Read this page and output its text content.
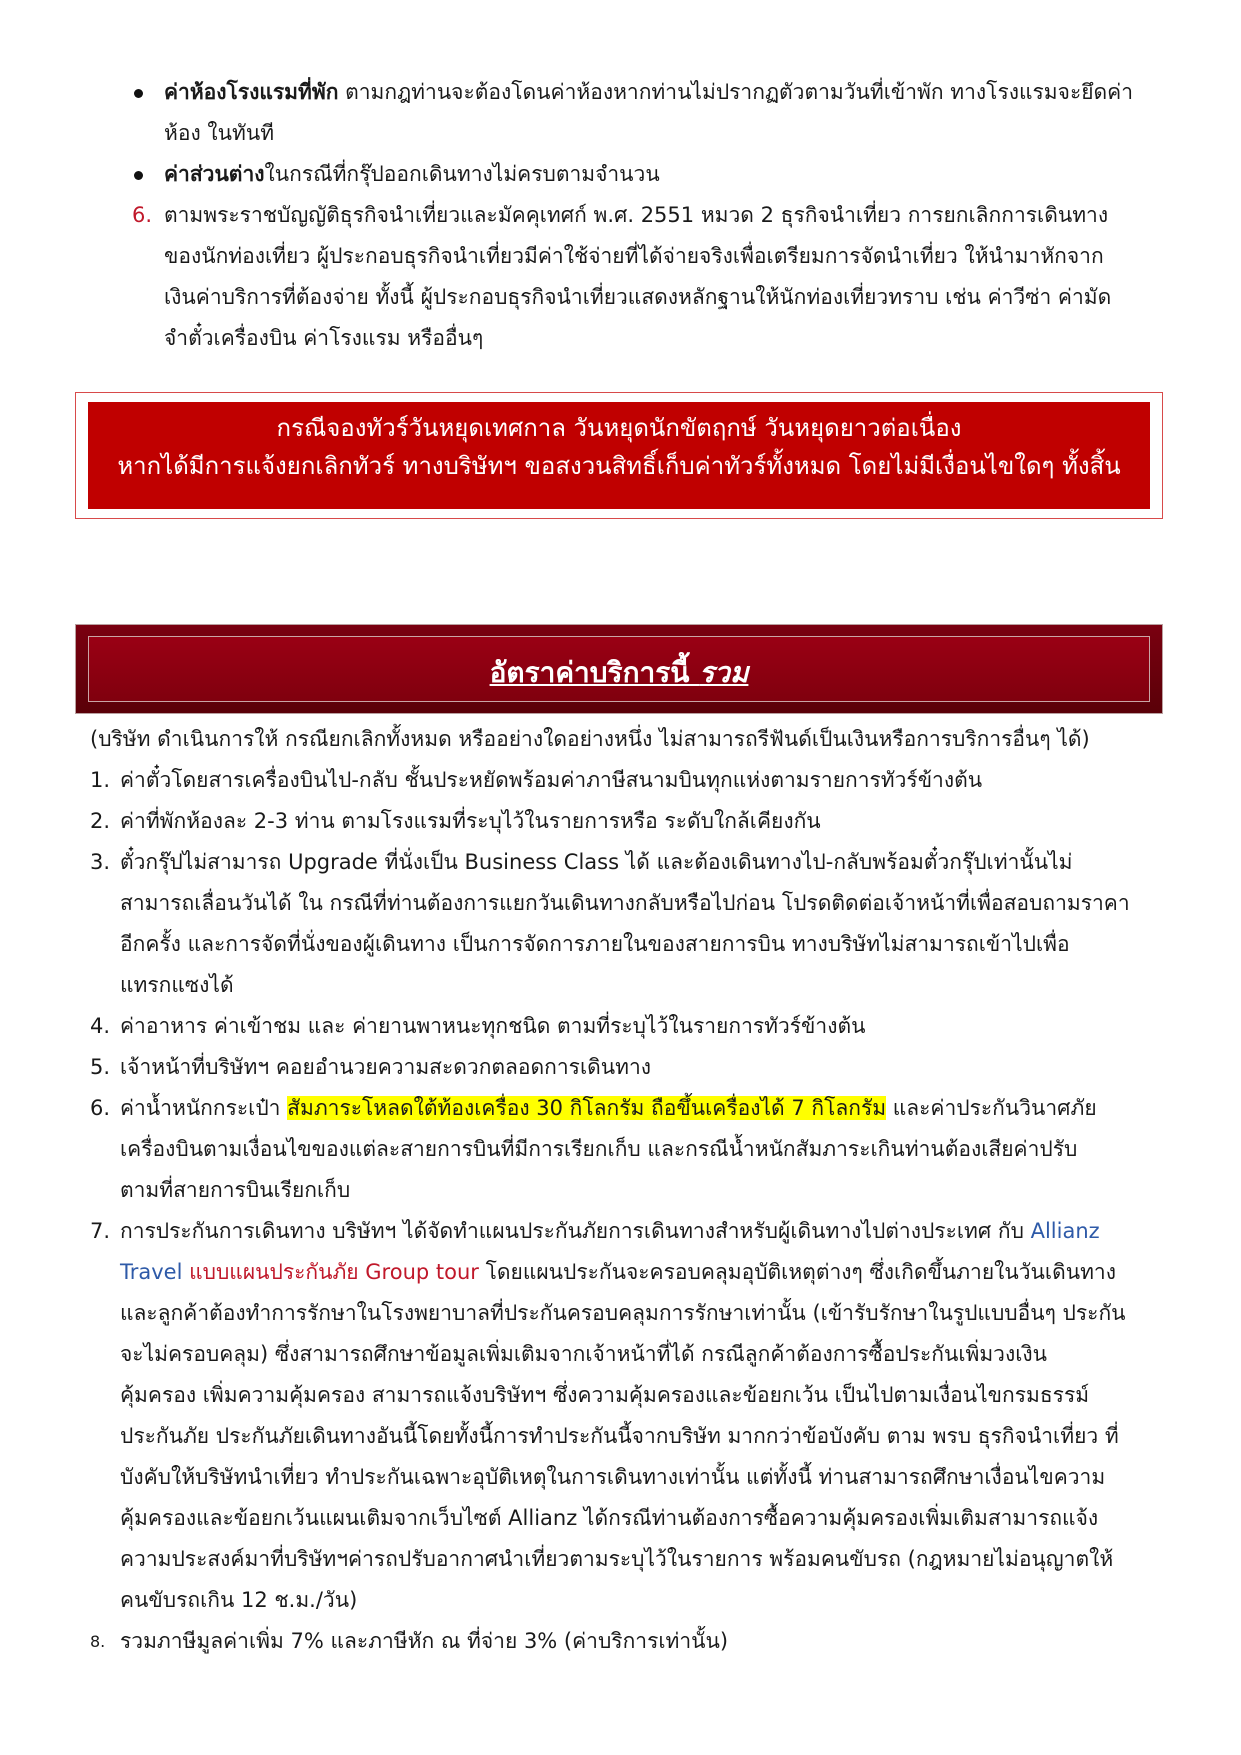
ค่าห้องโรงแรมที่พัก ตามกฎท่านจะต้องโดนค่าห้องหากท่านไม่ปรากฏตัวตามวันที่เข้าพัก ทางโรงแรมจะยึดค่า
ห้อง ในทันที
ค่าส่วนต่างในกรณีที่กรุ๊ปออกเดินทางไม่ครบตามจำนวน
6. ตามพระราชบัญญัติธุรกิจนำเที่ยวและมัคคุเทศก์ พ.ศ. 2551 หมวด 2 ธุรกิจนำเที่ยว การยกเลิกการเดินทาง
ของนักท่องเที่ยว ผู้ประกอบธุรกิจนำเที่ยวมีค่าใช้จ่ายที่ได้จ่ายจริงเพื่อเตรียมการจัดนำเที่ยว ให้นำมาหักจาก
เงินค่าบริการที่ต้องจ่าย ทั้งนี้ ผู้ประกอบธุรกิจนำเที่ยวแสดงหลักฐานให้นักท่องเที่ยวทราบ เช่น ค่าวีซ่า ค่ามัด
จำตั๋วเครื่องบิน ค่าโรงแรม หรืออื่นๆ
กรณีจองทัวร์วันหยุดเทศกาล วันหยุดนักขัตฤกษ์ วันหยุดยาวต่อเนื่อง
หากได้มีการแจ้งยกเลิกทัวร์ ทางบริษัทฯ ขอสงวนสิทธิ์เก็บค่าทัวร์ทั้งหมด โดยไม่มีเงื่อนไขใดๆ ทั้งสิ้น
อัตราค่าบริการนี้ รวม
(บริษัท ดำเนินการให้ กรณียกเลิกทั้งหมด หรืออย่างใดอย่างหนึ่ง ไม่สามารถรีฟันด์เป็นเงินหรือการบริการอื่นๆ ได้)
1. ค่าตั๋วโดยสารเครื่องบินไป-กลับ ชั้นประหยัดพร้อมค่าภาษีสนามบินทุกแห่งตามรายการทัวร์ข้างต้น
2. ค่าที่พักห้องละ 2-3 ท่าน ตามโรงแรมที่ระบุไว้ในรายการหรือ ระดับใกล้เคียงกัน
3. ตั๋วกรุ๊ปไม่สามารถ Upgrade ที่นั่งเป็น Business Class ได้ และต้องเดินทางไป-กลับพร้อมตั๋วกรุ๊ปเท่านั้นไม่
สามารถเลื่อนวันได้ ใน กรณีที่ท่านต้องการแยกวันเดินทางกลับหรือไปก่อน โปรดติดต่อเจ้าหน้าที่เพื่อสอบถามราคา
อีกครั้ง และการจัดที่นั่งของผู้เดินทาง เป็นการจัดการภายในของสายการบิน ทางบริษัทไม่สามารถเข้าไปเพื่อ
แทรกแซงได้
4. ค่าอาหาร ค่าเข้าชม และ ค่ายานพาหนะทุกชนิด ตามที่ระบุไว้ในรายการทัวร์ข้างต้น
5. เจ้าหน้าที่บริษัทฯ คอยอำนวยความสะดวกตลอดการเดินทาง
6. ค่าน้ำหนักกระเป๋า สัมภาระโหลดใต้ท้องเครื่อง 30 กิโลกรัม ถือขึ้นเครื่องได้ 7 กิโลกรัม และค่าประกันวินาศภัย
เครื่องบินตามเงื่อนไขของแต่ละสายการบินที่มีการเรียกเก็บ และกรณีน้ำหนักสัมภาระเกินท่านต้องเสียค่าปรับ
ตามที่สายการบินเรียกเก็บ
7. การประกันการเดินทาง บริษัทฯ ได้จัดทำแผนประกันภัยการเดินทางสำหรับผู้เดินทางไปต่างประเทศ กับ Allianz
Travel แบบแผนประกันภัย Group tour โดยแผนประกันจะครอบคลุมอุบัติเหตุต่างๆ ซึ่งเกิดขึ้นภายในวันเดินทาง
และลูกค้าต้องทำการรักษาในโรงพยาบาลที่ประกันครอบคลุมการรักษาเท่านั้น (เข้ารับรักษาในรูปแบบอื่นๆ ประกัน
จะไม่ครอบคลุม) ซึ่งสามารถศึกษาข้อมูลเพิ่มเติมจากเจ้าหน้าที่ได้ กรณีลูกค้าต้องการซื้อประกันเพิ่มวงเงิน
คุ้มครอง เพิ่มความคุ้มครอง สามารถแจ้งบริษัทฯ ซึ่งความคุ้มครองและข้อยกเว้น เป็นไปตามเงื่อนไขกรมธรรม์
ประกันภัย ประกันภัยเดินทางอันนี้โดยทั้งนี้การทำประกันนี้จากบริษัท มากกว่าข้อบังคับ ตาม พรบ ธุรกิจนำเที่ยว ที่
บังคับให้บริษัทนำเที่ยว ทำประกันเฉพาะอุบัติเหตุในการเดินทางเท่านั้น แต่ทั้งนี้ ท่านสามารถศึกษาเงื่อนไขความ
คุ้มครองและข้อยกเว้นแผนเติมจากเว็บไซต์ Allianz ได้กรณีท่านต้องการซื้อความคุ้มครองเพิ่มเติมสามารถแจ้ง
ความประสงค์มาที่บริษัทฯค่ารถปรับอากาศนำเที่ยวตามระบุไว้ในรายการ พร้อมคนขับรถ (กฎหมายไม่อนุญาตให้
คนขับรถเกิน 12 ช.ม./วัน)
8. รวมภาษีมูลค่าเพิ่ม 7% และภาษีหัก ณ ที่จ่าย 3% (ค่าบริการเท่านั้น)
